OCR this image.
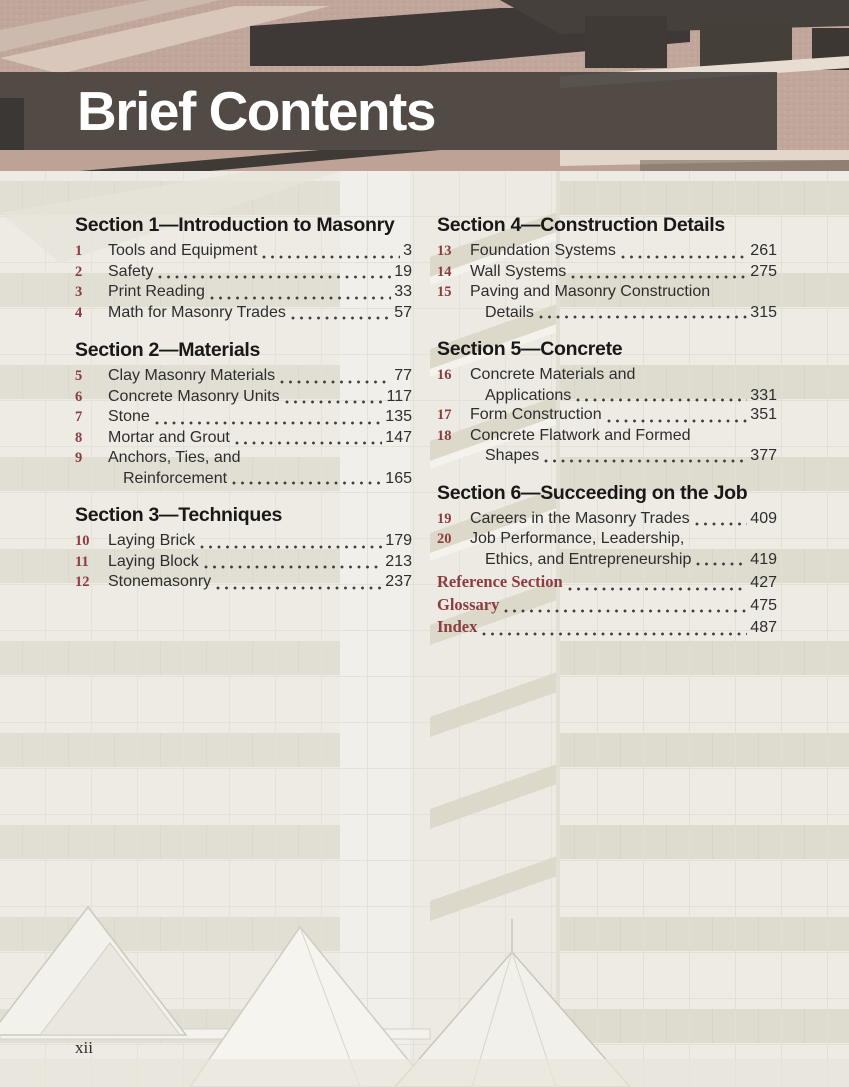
Brief Contents
Section 1—Introduction to Masonry
1	Tools and Equipment	3
2	Safety	19
3	Print Reading	33
4	Math for Masonry Trades	57
Section 2—Materials
5	Clay Masonry Materials	77
6	Concrete Masonry Units	117
7	Stone	135
8	Mortar and Grout	147
9	Anchors, Ties, and
Reinforcement	165
Section 3—Techniques
10	Laying Brick	179
11	Laying Block	213
12	Stonemasonry	237
Section 4—Construction Details
13	Foundation Systems	261
14	Wall Systems	275
15	Paving and Masonry Construction
Details	315
Section 5—Concrete
16	Concrete Materials and
Applications	331
17	Form Construction	351
18	Concrete Flatwork and Formed
Shapes	377
Section 6—Succeeding on the Job
19	Careers in the Masonry Trades	409
20	Job Performance, Leadership,
Ethics, and Entrepreneurship	419
Reference Section	427
Glossary	475
Index	487
xii
